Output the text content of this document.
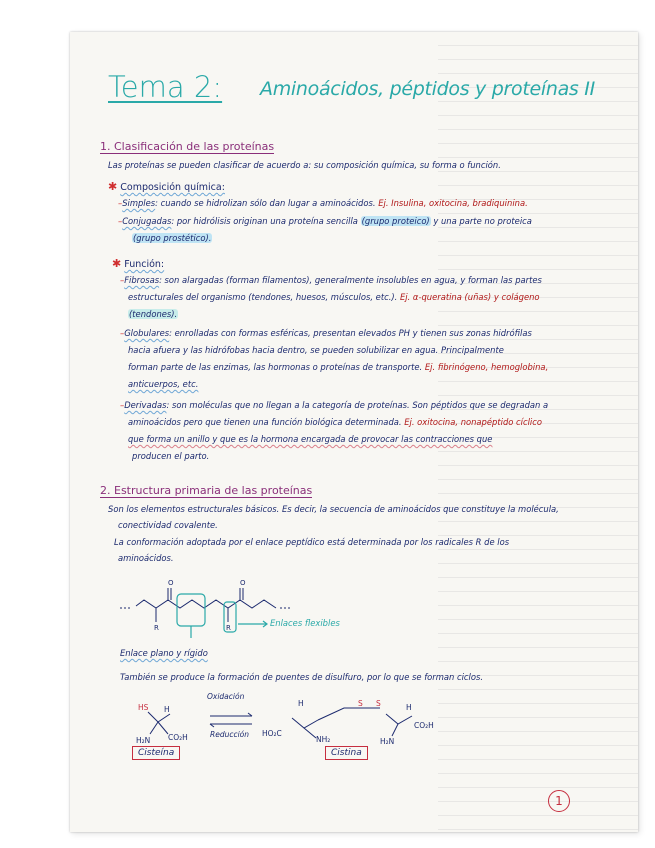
Tema 2: Aminoácidos, péptidos y proteínas II
1. Clasificación de las proteínas
Las proteínas se pueden clasificar de acuerdo a: su composición química, su forma o función.
✱ Composición química:
–Simples: cuando se hidrolizan sólo dan lugar a aminoácidos. Ej. Insulina, oxitocina, bradiquinina.
–Conjugadas: por hidrólisis originan una proteína sencilla (grupo proteico) y una parte no proteica
(grupo prostético).
✱ Función:
–Fibrosas: son alargadas (forman filamentos), generalmente insolubles en agua, y forman las partes
estructurales del organismo (tendones, huesos, músculos, etc.). Ej. α-queratina (uñas) y colágeno
(tendones).
–Globulares: enrolladas con formas esféricas, presentan elevados PH y tienen sus zonas hidrófilas
hacia afuera y las hidrófobas hacia dentro, se pueden solubilizar en agua. Principalmente
forman parte de las enzimas, las hormonas o proteínas de transporte. Ej. fibrinógeno, hemoglobina,
anticuerpos, etc.
–Derivadas: son moléculas que no llegan a la categoría de proteínas. Son péptidos que se degradan a
aminoácidos pero que tienen una función biológica determinada. Ej. oxitocina, nonapéptido cíclico
que forma un anillo y que es la hormona encargada de provocar las contracciones que
producen el parto.
2. Estructura primaria de las proteínas
Son los elementos estructurales básicos. Es decir, la secuencia de aminoácidos que constituye la molécula,
conectividad covalente.
La conformación adoptada por el enlace peptídico está determinada por los radicales R de los
aminoácidos.
O	O
R	R	Enlaces flexibles
Enlace plano y rígido
También se produce la formación de puentes de disulfuro, por lo que se forman ciclos.
HS H
H₂N CO₂H	HO₂C
H
NH₂
S S	H
H₂N
CO₂H
Oxidación
Reducción
Cisteína	Cistina
1
